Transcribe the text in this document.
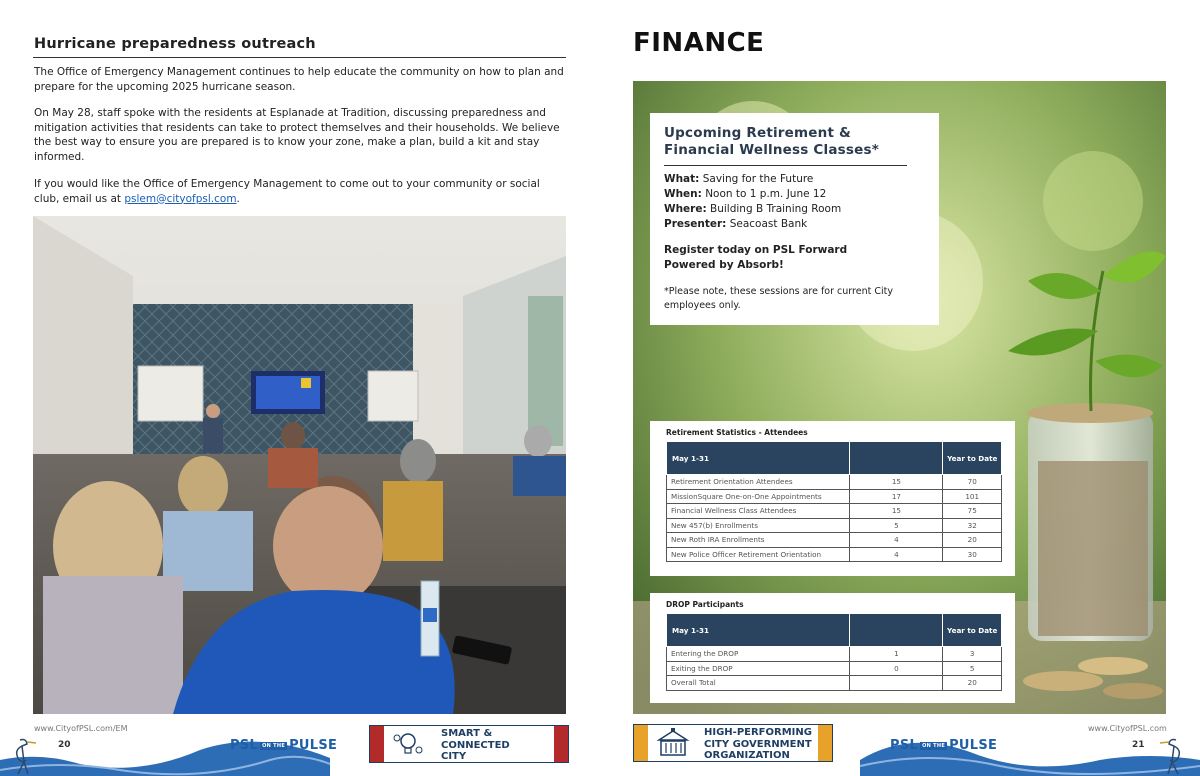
Hurricane preparedness outreach
The Office of Emergency Management continues to help educate the community on how to plan and prepare for the upcoming 2025 hurricane season.
On May 28, staff spoke with the residents at Esplanade at Tradition, discussing preparedness and mitigation activities that residents can take to protect themselves and their households. We believe the best way to ensure you are prepared is to know your zone, make a plan, build a kit and stay informed.
If you would like the Office of Emergency Management to come out to your community or social club, email us at pslem@cityofpsl.com.
www.CityofPSL.com/EM
20	PSL ON THE PULSE
SMART & CONNECTED CITY
FINANCE
Upcoming Retirement & Financial Wellness Classes*
What: Saving for the Future
When: Noon to 1 p.m. June 12
Where: Building B Training Room
Presenter: Seacoast Bank
Register today on PSL Forward
Powered by Absorb!
*Please note, these sessions are for current City employees only.
Retirement Statistics - Attendees
May 1-31		Year to Date
Retirement Orientation Attendees	15	70
MissionSquare One-on-One Appointments	17	101
Financial Wellness Class Attendees	15	75
New 457(b) Enrollments	5	32
New Roth IRA Enrollments	4	20
New Police Officer Retirement Orientation	4	30
DROP Participants
May 1-31		Year to Date
Entering the DROP	1	3
Exiting the DROP	0	5
Overall Total		20
HIGH-PERFORMING CITY GOVERNMENT ORGANIZATION
PSL ON THE PULSE
www.CityofPSL.com
21
